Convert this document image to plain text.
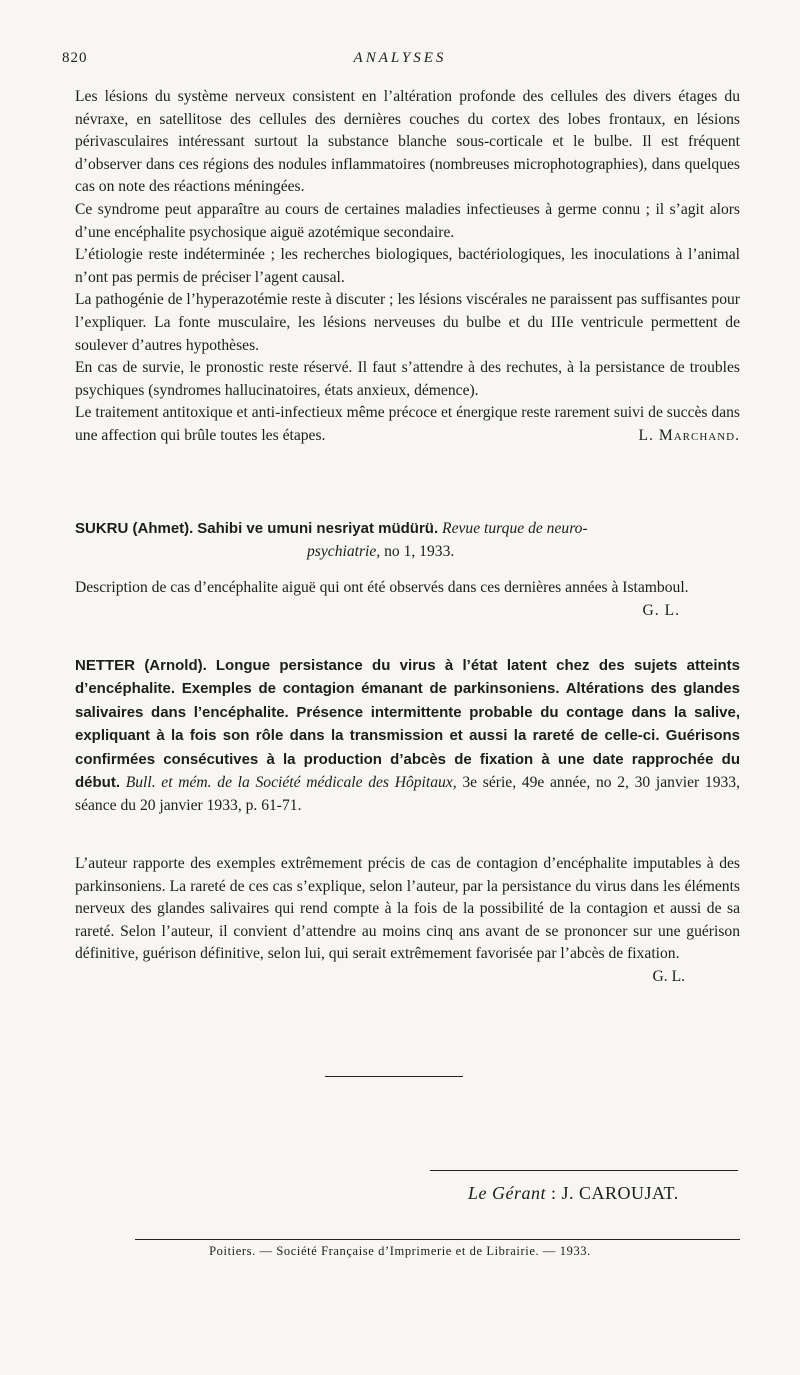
820	ANALYSES

Les lésions du système nerveux consistent en l’altération profonde des cellules des divers étages du névraxe, en satellitose des cellules des dernières couches du cortex des lobes frontaux, en lésions périvasculaires intéressant surtout la substance blanche sous-corticale et le bulbe. Il est fréquent d’observer dans ces régions des nodules inflammatoires (nombreuses microphotographies), dans quelques cas on note des réactions méningées.

Ce syndrome peut apparaître au cours de certaines maladies infectieuses à germe connu ; il s’agit alors d’une encéphalite psychosique aiguë azotémique secondaire.

L’étiologie reste indéterminée ; les recherches biologiques, bactériologiques, les inoculations à l’animal n’ont pas permis de préciser l’agent causal.

La pathogénie de l’hyperazotémie reste à discuter ; les lésions viscérales ne paraissent pas suffisantes pour l’expliquer. La fonte musculaire, les lésions nerveuses du bulbe et du IIIe ventricule permettent de soulever d’autres hypothèses.

En cas de survie, le pronostic reste réservé. Il faut s’attendre à des rechutes, à la persistance de troubles psychiques (syndromes hallucinatoires, états anxieux, démence).

Le traitement antitoxique et anti-infectieux même précoce et énergique reste rarement suivi de succès dans une affection qui brûle toutes les étapes.	L. Marchand.

SUKRU (Ahmet). Sahibi ve umuni nesriyat müdürü. Revue turque de neuro-
psychiatrie, no 1, 1933.

Description de cas d’encéphalite aiguë qui ont été observés dans ces dernières années à Istamboul.
G. L.

NETTER (Arnold). Longue persistance du virus à l’état latent chez des sujets atteints d’encéphalite. Exemples de contagion émanant de parkinsoniens. Altérations des glandes salivaires dans l’encéphalite. Présence intermittente probable du contage dans la salive, expliquant à la fois son rôle dans la transmission et aussi la rareté de celle-ci. Guérisons confirmées consécutives à la production d’abcès de fixation à une date rapprochée du début. Bull. et mém. de la Société médicale des Hôpitaux, 3e série, 49e année, no 2, 30 janvier 1933, séance du 20 janvier 1933, p. 61-71.

L’auteur rapporte des exemples extrêmement précis de cas de contagion d’encéphalite imputables à des parkinsoniens. La rareté de ces cas s’explique, selon l’auteur, par la persistance du virus dans les éléments nerveux des glandes salivaires qui rend compte à la fois de la possibilité de la contagion et aussi de sa rareté. Selon l’auteur, il convient d’attendre au moins cinq ans avant de se prononcer sur une guérison définitive, guérison définitive, selon lui, qui serait extrêmement favorisée par l’abcès de fixation.

G. L.

Le Gérant : J. CAROUJAT.
Poitiers. — Société Française d’Imprimerie et de Librairie. — 1933.
